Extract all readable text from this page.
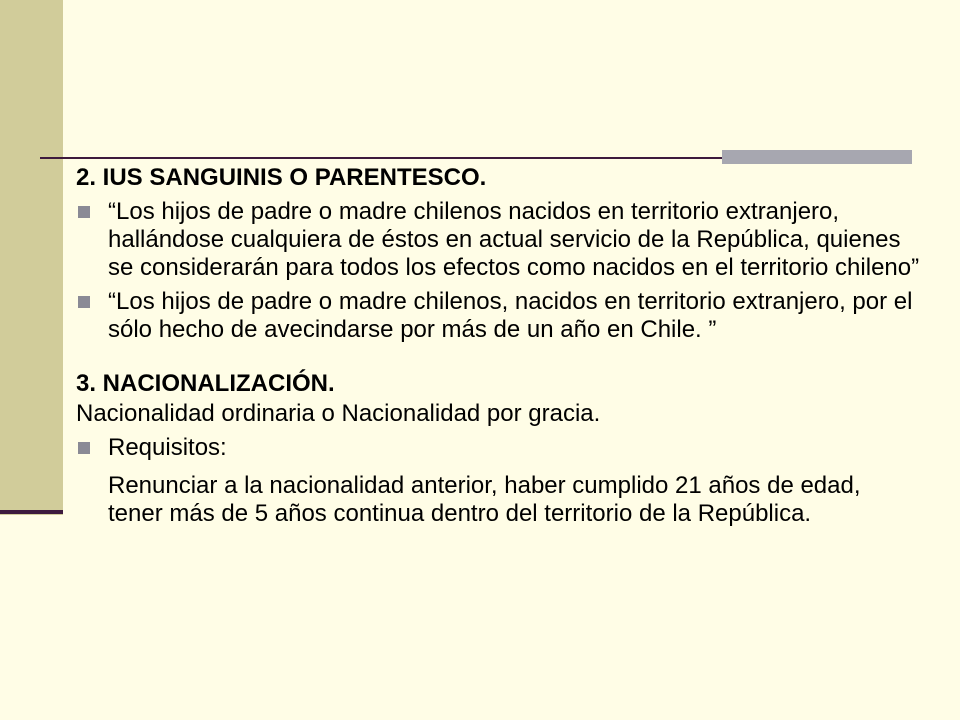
2. IUS SANGUINIS O PARENTESCO.
“Los hijos de padre o madre chilenos nacidos en territorio extranjero, hallándose cualquiera de éstos en actual servicio de la República, quienes se considerarán para todos los efectos como nacidos en el territorio chileno”
“Los hijos de padre o madre chilenos, nacidos en territorio extranjero, por el sólo hecho de avecindarse por más de un año en Chile. ”
3. NACIONALIZACIÓN.
Nacionalidad ordinaria o Nacionalidad por gracia.
Requisitos:
Renunciar a la nacionalidad anterior, haber cumplido 21 años de edad, tener más de 5 años continua dentro del territorio de la República.
